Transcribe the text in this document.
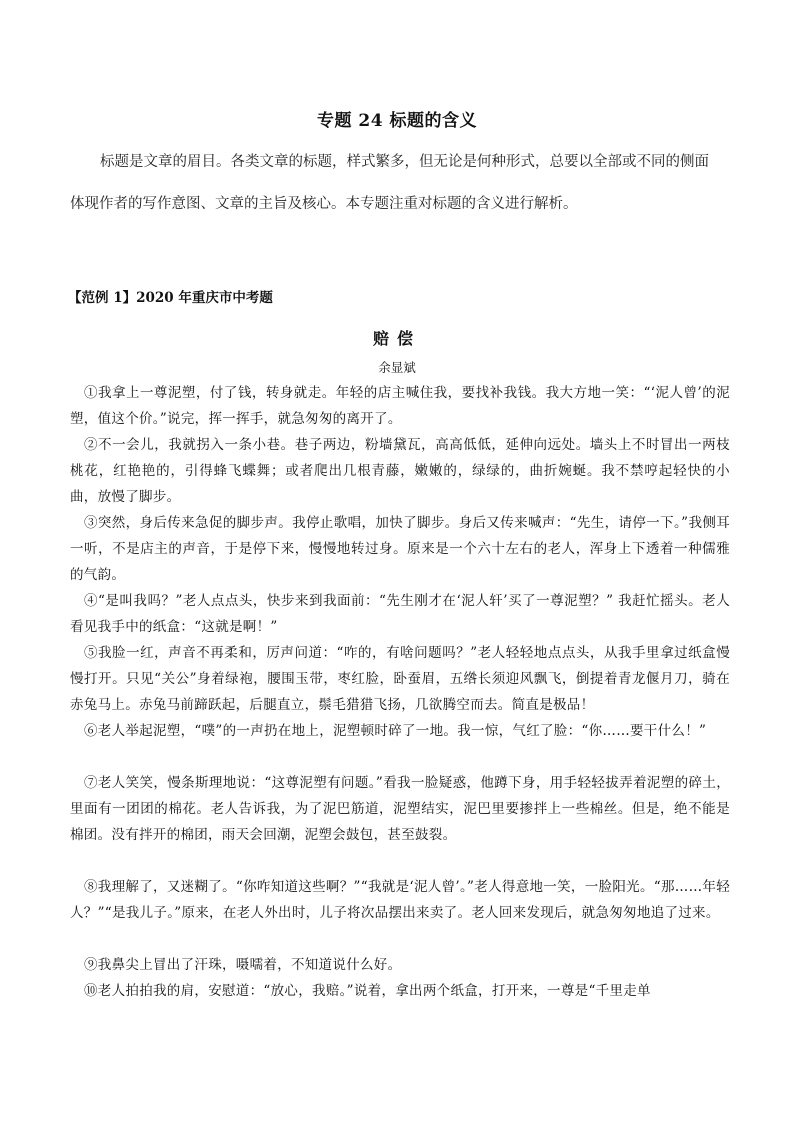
专题 24 标题的含义
标题是文章的眉目。各类文章的标题，样式繁多，但无论是何种形式，总要以全部或不同的侧面
体现作者的写作意图、文章的主旨及核心。本专题注重对标题的含义进行解析。
【范例 1】2020 年重庆市中考题
赔偿
余显斌

①我拿上一尊泥塑，付了钱，转身就走。年轻的店主喊住我，要找补我钱。我大方地一笑：“‘泥人曾’的泥塑，值这个价。”说完，挥一挥手，就急匆匆的离开了。

②不一会儿，我就拐入一条小巷。巷子两边，粉墙黛瓦，高高低低，延伸向远处。墙头上不时冒出一两枝桃花，红艳艳的，引得蜂飞蝶舞；或者爬出几根青藤，嫩嫩的，绿绿的，曲折婉蜒。我不禁哼起轻快的小曲，放慢了脚步。

③突然，身后传来急促的脚步声。我停止歌唱，加快了脚步。身后又传来喊声：“先生，请停一下。”我侧耳一听，不是店主的声音，于是停下来，慢慢地转过身。原来是一个六十左右的老人，浑身上下透着一种儒雅的气韵。

④“是叫我吗？”老人点点头，快步来到我面前：“先生刚才在‘泥人轩’买了一尊泥塑？” 我赶忙摇头。老人看见我手中的纸盒：“这就是啊！”

⑤我脸一红，声音不再柔和，厉声问道：“咋的，有啥问题吗？”老人轻轻地点点头，从我手里拿过纸盒慢慢打开。只见“关公”身着绿袍，腰围玉带，枣红脸，卧蚕眉，五绺长须迎风飘飞，倒提着青龙偃月刀，骑在赤兔马上。赤兔马前蹄跃起，后腿直立，鬃毛猎猎飞扬，几欲腾空而去。简直是极品！

⑥老人举起泥塑，“噗”的一声扔在地上，泥塑顿时碎了一地。我一惊，气红了脸：“你……要干什么！”

⑦老人笑笑，慢条斯理地说：“这尊泥塑有问题。”看我一脸疑惑，他蹲下身，用手轻轻拔弄着泥塑的碎土，里面有一团团的棉花。老人告诉我，为了泥巴筋道，泥塑结实，泥巴里要掺拌上一些棉丝。但是，绝不能是棉团。没有拌开的棉团，雨天会回潮，泥塑会鼓包，甚至鼓裂。

⑧我理解了，又迷糊了。“你咋知道这些啊？”“我就是‘泥人曾’。”老人得意地一笑，一脸阳光。“那……年轻人？”“是我儿子。”原来，在老人外出时，儿子将次品摆出来卖了。老人回来发现后，就急匆匆地追了过来。

⑨我鼻尖上冒出了汗珠，嗫嚅着，不知道说什么好。

⑩老人拍拍我的肩，安慰道：“放心，我赔。”说着，拿出两个纸盒，打开来，一尊是“千里走单
